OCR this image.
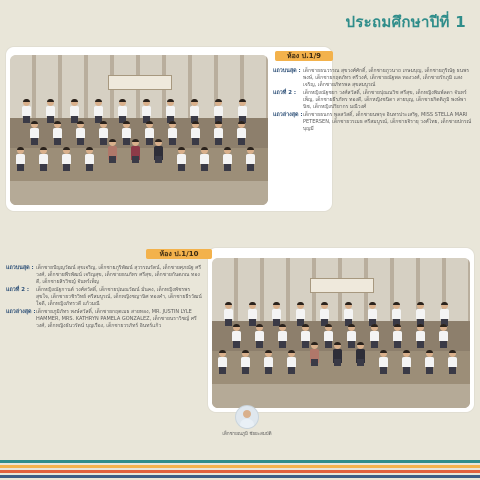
ประถมศึกษาปีที่ 1
ห้อง ป.1/9
แถวบนสุด : เด็กชายธนวรรณ สุขวงศ์ศักดิ์, เด็กชายภูวนาถ เกษมบุญ, เด็กชายภูริณัฐ ธนพรพงษ์, เด็กชายกฤตภัทร ศรีวงศ์, เด็กชายณัฐพล ทองวงศ์, เด็กชายรักภูมิ แสงเจริญ, เด็กชายภัทรพล สุขสมบูรณ์
แถวที่ 2 :	เด็กหญิงณัฐชยา วงศ์สวัสดิ์, เด็กชายปุณณวิช ศรีสุข, เด็กหญิงพิมพ์ลดา จันทร์เพ็ญ, เด็กชายธีรภัทร ทองดี, เด็กหญิงชนิดา สายบุญ, เด็กชายกิตติภูมิ พงษ์พานิช, เด็กหญิงปริยากร มณีวงศ์
แถวล่างสุด : เด็กชายธนกร พูลสวัสดิ์, เด็กชายนพรุจ อินทรประเสริฐ, MISS STELLA MARI PETERSEN, เด็กชายวรเมธ ศรีสมบูรณ์, เด็กชายจิรายุ วงศ์ไทย, เด็กชายปกรณ์ บุญมี
ห้อง ป.1/10
แถวบนสุด : เด็กชายปัญญวัฒน์ สุขเจริญ, เด็กชายภูริพัฒน์ สุวรรณรัตน์, เด็กชายศุภณัฐ ศรีวงศ์, เด็กชายพีรพัฒน์ เจริญสุข, เด็กชายธนภัทร ศรีสุข, เด็กชายกันตภณ ทองดี, เด็กชายสิรวิชญ์ จันทร์เพ็ญ
แถวที่ 2 :	เด็กหญิงณัฐกานต์ วงศ์สวัสดิ์, เด็กชายปุณณวัฒน์ มั่นคง, เด็กหญิงพัชรพร สุขใจ, เด็กชายวชิรวิทย์ ศรีสมบูรณ์, เด็กหญิงชญานิศ ทองคำ, เด็กชายธีรวัฒน์ ใจดี, เด็กหญิงภัทรวดี แก้วมณี
แถวล่างสุด : เด็กชายภูมิภัทร พงษ์สวัสดิ์, เด็กชายกฤตเมธ สายทอง, MR. JUSTIN LYLE HAMMER, MRS. KATHRYN PAMELA GONZALEZ, เด็กชายนราวิชญ์ ศรีวงศ์, เด็กหญิงธันวรัตน์ บุญเรือง, เด็กชายวรภัทร์ อินทร์แก้ว
เด็กชายณภูมิ ชัยยะสมบัติ
